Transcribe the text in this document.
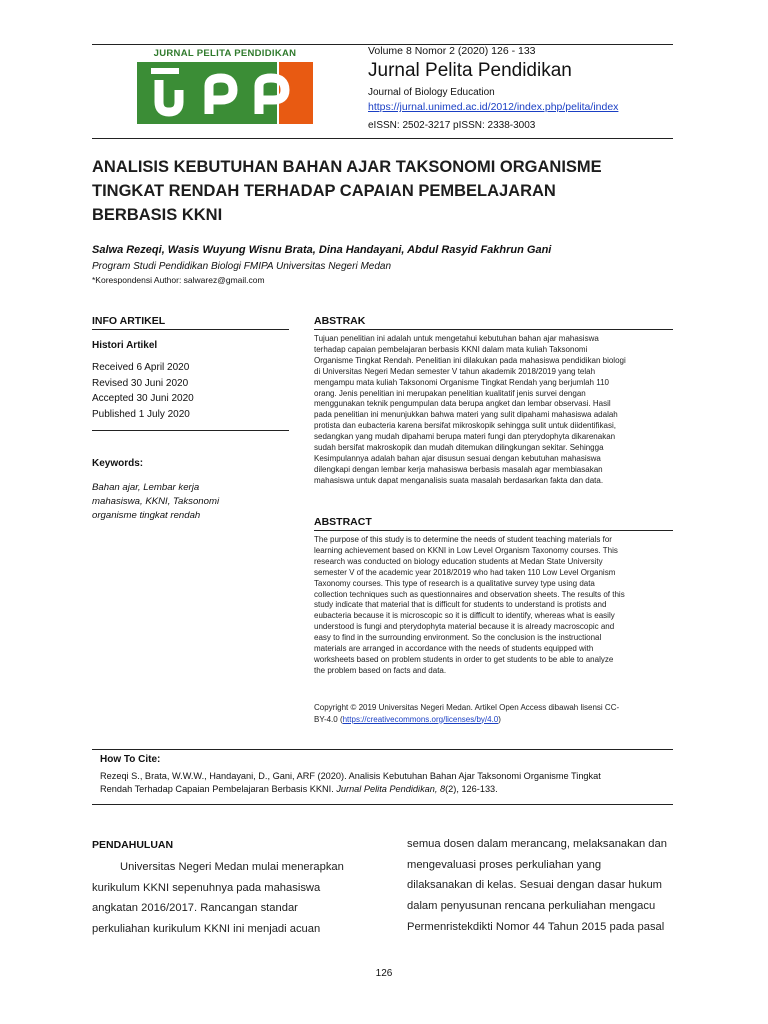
JURNAL PELITA PENDIDIKAN	Volume 8 Nomor 2 (2020) 126 - 133
Jurnal Pelita Pendidikan
Journal of Biology Education
https://jurnal.unimed.ac.id/2012/index.php/pelita/index
eISSN: 2502-3217 pISSN: 2338-3003
ANALISIS KEBUTUHAN BAHAN AJAR TAKSONOMI ORGANISME
TINGKAT RENDAH TERHADAP CAPAIAN PEMBELAJARAN
BERBASIS KKNI
Salwa Rezeqi, Wasis Wuyung Wisnu Brata, Dina Handayani, Abdul Rasyid Fakhrun Gani
Program Studi Pendidikan Biologi FMIPA Universitas Negeri Medan
*Korespondensi Author: salwarez@gmail.com
INFO ARTIKEL
Histori Artikel
Received 6 April 2020
Revised 30 Juni 2020
Accepted 30 Juni 2020
Published 1 July 2020
Keywords:
Bahan ajar, Lembar kerja
mahasiswa, KKNI, Taksonomi
organisme tingkat rendah
ABSTRAK
Tujuan penelitian ini adalah untuk mengetahui kebutuhan bahan ajar mahasiswa
terhadap capaian pembelajaran berbasis KKNI dalam mata kuliah Taksonomi
Organisme Tingkat Rendah. Penelitian ini dilakukan pada mahasiswa pendidikan biologi
di Universitas Negeri Medan semester V tahun akademik 2018/2019 yang telah
mengampu mata kuliah Taksonomi Organisme Tingkat Rendah yang berjumlah 110
orang. Jenis penelitian ini merupakan penelitian kualitatif jenis survei dengan
menggunakan teknik pengumpulan data berupa angket dan lembar observasi. Hasil
pada penelitian ini menunjukkan bahwa materi yang sulit dipahami mahasiswa adalah
protista dan eubacteria karena bersifat mikroskopik sehingga sulit untuk diidentifikasi,
sedangkan yang mudah dipahami berupa materi fungi dan pterydophyta dikarenakan
sudah bersifat makroskopik dan mudah ditemukan dilingkungan sekitar. Sehingga
Kesimpulannya adalah bahan ajar disusun sesuai dengan kebutuhan mahasiswa
dilengkapi dengan lembar kerja mahasiswa berbasis masalah agar membiasakan
mahasiswa untuk dapat menganalisis suata masalah berdasarkan fakta dan data.
ABSTRACT
The purpose of this study is to determine the needs of student teaching materials for
learning achievement based on KKNI in Low Level Organism Taxonomy courses. This
research was conducted on biology education students at Medan State University
semester V of the academic year 2018/2019 who had taken 110 Low Level Organism
Taxonomy courses. This type of research is a qualitative survey type using data
collection techniques such as questionnaires and observation sheets. The results of this
study indicate that material that is difficult for students to understand is protists and
eubacteria because it is microscopic so it is difficult to identify, whereas what is easily
understood is fungi and pterydophyta material because it is already macroscopic and
easy to find in the surrounding environment. So the conclusion is the instructional
materials are arranged in accordance with the needs of students equipped with
worksheets based on problem students in order to get students to be able to analyze
the problem based on facts and data.
Copyright © 2019 Universitas Negeri Medan. Artikel Open Access dibawah lisensi CC-
BY-4.0 (https://creativecommons.org/licenses/by/4.0)
How To Cite:
Rezeqi S., Brata, W.W.W., Handayani, D., Gani, ARF (2020). Analisis Kebutuhan Bahan Ajar Taksonomi Organisme Tingkat
Rendah Terhadap Capaian Pembelajaran Berbasis KKNI. Jurnal Pelita Pendidikan, 8(2), 126-133.
PENDAHULUAN
Universitas Negeri Medan mulai menerapkan
kurikulum KKNI sepenuhnya pada mahasiswa
angkatan 2016/2017. Rancangan standar
perkuliahan kurikulum KKNI ini menjadi acuan
semua dosen dalam merancang, melaksanakan dan
mengevaluasi proses perkuliahan yang
dilaksanakan di kelas. Sesuai dengan dasar hukum
dalam penyusunan rencana perkuliahan mengacu
Permenristekdikti Nomor 44 Tahun 2015 pada pasal
126
